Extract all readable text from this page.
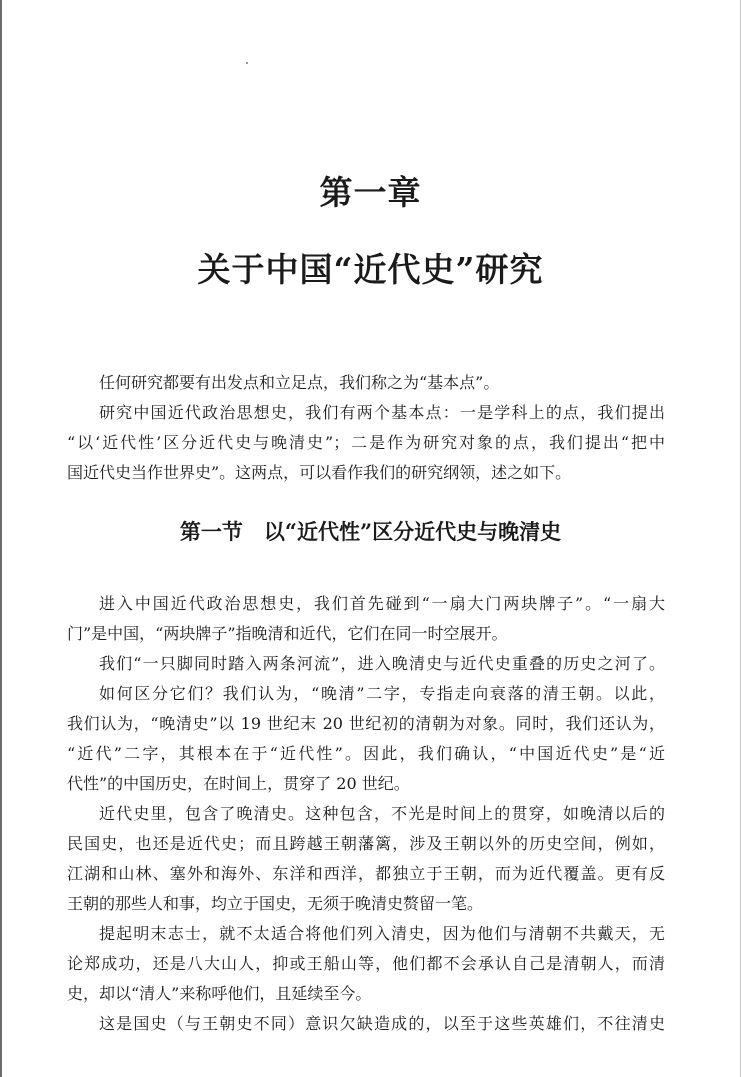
第一章
关于中国“近代史”研究
任何研究都要有出发点和立足点，我们称之为“基本点”。
研究中国近代政治思想史，我们有两个基本点：一是学科上的点，我们提出
“以‘近代性’区分近代史与晚清史”；二是作为研究对象的点，我们提出“把中
国近代史当作世界史”。这两点，可以看作我们的研究纲领，述之如下。
第一节　以“近代性”区分近代史与晚清史
进入中国近代政治思想史，我们首先碰到“一扇大门两块牌子”。“一扇大
门”是中国，“两块牌子”指晚清和近代，它们在同一时空展开。
我们“一只脚同时踏入两条河流”，进入晚清史与近代史重叠的历史之河了。
如何区分它们？我们认为，“晚清”二字，专指走向衰落的清王朝。以此，
我们认为，“晚清史”以 19 世纪末 20 世纪初的清朝为对象。同时，我们还认为，
“近代”二字，其根本在于“近代性”。因此，我们确认，“中国近代史”是“近
代性”的中国历史，在时间上，贯穿了 20 世纪。
近代史里，包含了晚清史。这种包含，不光是时间上的贯穿，如晚清以后的
民国史，也还是近代史；而且跨越王朝藩篱，涉及王朝以外的历史空间，例如，
江湖和山林、塞外和海外、东洋和西洋，都独立于王朝，而为近代覆盖。更有反
王朝的那些人和事，均立于国史，无须于晚清史赘留一笔。
提起明末志士，就不太适合将他们列入清史，因为他们与清朝不共戴天，无
论郑成功，还是八大山人，抑或王船山等，他们都不会承认自己是清朝人，而清
史，却以“清人”来称呼他们，且延续至今。
这是国史（与王朝史不同）意识欠缺造成的，以至于这些英雄们，不往清史
